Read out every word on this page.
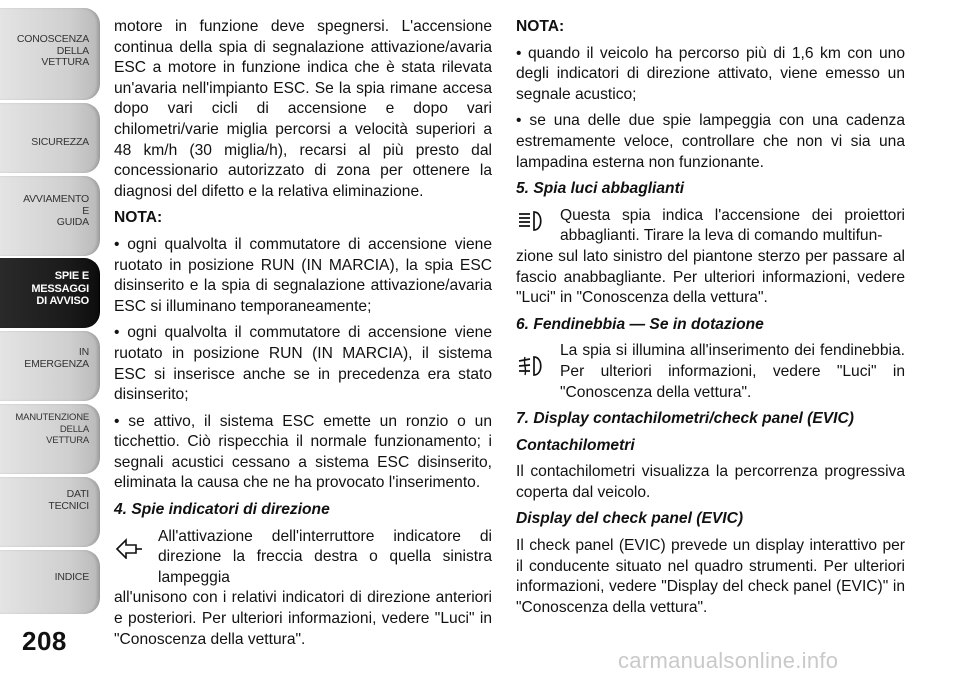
CONOSCENZA
DELLA
VETTURA
SICUREZZA
AVVIAMENTO
E
GUIDA
SPIE E
MESSAGGI
DI AVVISO
IN
EMERGENZA
MANUTENZIONE
DELLA
VETTURA
DATI
TECNICI
INDICE
208

motore in funzione deve spegnersi. L'accensione continua della spia di segnalazione attivazione/avaria ESC a motore in funzione indica che è stata rilevata un'avaria nell'impianto ESC. Se la spia rimane accesa dopo vari cicli di accensione e dopo vari chilometri/varie miglia percorsi a velocità superiori a 48 km/h (30 miglia/h), recarsi al più presto dal concessionario autorizzato di zona per ottenere la diagnosi del difetto e la relativa eliminazione.

NOTA:

• ogni qualvolta il commutatore di accensione viene ruotato in posizione RUN (IN MARCIA), la spia ESC disinserito e la spia di segnalazione attivazione/avaria ESC si illuminano temporaneamente;

• ogni qualvolta il commutatore di accensione viene ruotato in posizione RUN (IN MARCIA), il sistema ESC si inserisce anche se in precedenza era stato disinserito;

• se attivo, il sistema ESC emette un ronzio o un ticchettio. Ciò rispecchia il normale funzionamento; i segnali acustici cessano a sistema ESC disinserito, eliminata la causa che ne ha provocato l'inserimento.

4. Spie indicatori di direzione

All'attivazione dell'interruttore indicatore di direzione la freccia destra o quella sinistra lampeggia

all'unisono con i relativi indicatori di direzione anteriori e posteriori. Per ulteriori informazioni, vedere "Luci" in "Conoscenza della vettura".

NOTA:

• quando il veicolo ha percorso più di 1,6 km con uno degli indicatori di direzione attivato, viene emesso un segnale acustico;

• se una delle due spie lampeggia con una cadenza estremamente veloce, controllare che non vi sia una lampadina esterna non funzionante.

5. Spia luci abbaglianti

Questa spia indica l'accensione dei proiettori abbaglianti. Tirare la leva di comando multifun-

zione sul lato sinistro del piantone sterzo per passare al fascio anabbagliante. Per ulteriori informazioni, vedere "Luci" in "Conoscenza della vettura".

6. Fendinebbia — Se in dotazione

La spia si illumina all'inserimento dei fendinebbia. Per ulteriori informazioni, vedere "Luci" in "Conoscenza della vettura".

7. Display contachilometri/check panel (EVIC)

Contachilometri

Il contachilometri visualizza la percorrenza progressiva coperta dal veicolo.

Display del check panel (EVIC)

Il check panel (EVIC) prevede un display interattivo per il conducente situato nel quadro strumenti. Per ulteriori informazioni, vedere "Display del check panel (EVIC)" in "Conoscenza della vettura".

carmanualsonline.info
